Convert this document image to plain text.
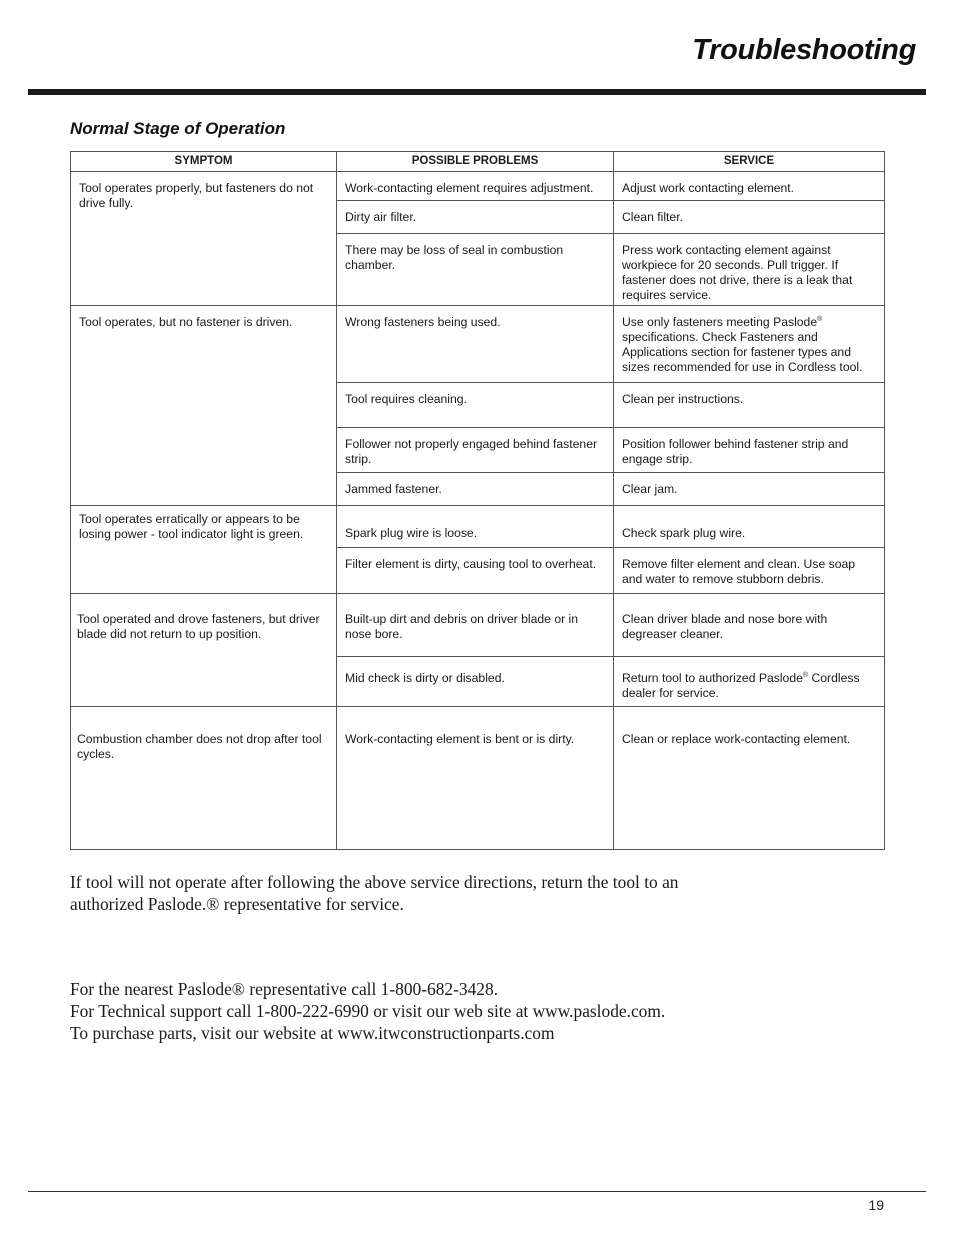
Troubleshooting
Normal Stage of Operation
SYMPTOM	POSSIBLE PROBLEMS	SERVICE
Tool operates properly, but fasteners do not drive fully.	Work-contacting element requires adjustment.	Adjust work contacting element.
	Dirty air filter.	Clean filter.
	There may be loss of seal in combustion chamber.	Press work contacting element against workpiece for 20 seconds. Pull trigger. If fastener does not drive, there is a leak that requires service.
Tool operates, but no fastener is driven.	Wrong fasteners being used.	Use only fasteners meeting Paslode® specifications. Check Fasteners and Applications section for fastener types and sizes recommended for use in Cordless tool.
	Tool requires cleaning.	Clean per instructions.
	Follower not properly engaged behind fastener strip.	Position follower behind fastener strip and engage strip.
	Jammed fastener.	Clear jam.
Tool operates erratically or appears to be losing power - tool indicator light is green.	Spark plug wire is loose.	Check spark plug wire.
	Filter element is dirty, causing tool to overheat.	Remove filter element and clean. Use soap and water to remove stubborn debris.
Tool operated and drove fasteners, but driver blade did not return to up position.	Built-up dirt and debris on driver blade or in nose bore.	Clean driver blade and nose bore with degreaser cleaner.
	Mid check is dirty or disabled.	Return tool to authorized Paslode® Cordless dealer for service.
Combustion chamber does not drop after tool cycles.	Work-contacting element is bent or is dirty.	Clean or replace work-contacting element.

If tool will not operate after following the above service directions, return the tool to an
authorized Paslode.® representative for service.

For the nearest Paslode® representative call 1-800-682-3428.
For Technical support call 1-800-222-6990 or visit our web site at www.paslode.com.
To purchase parts, visit our website at www.itwconstructionparts.com

19
